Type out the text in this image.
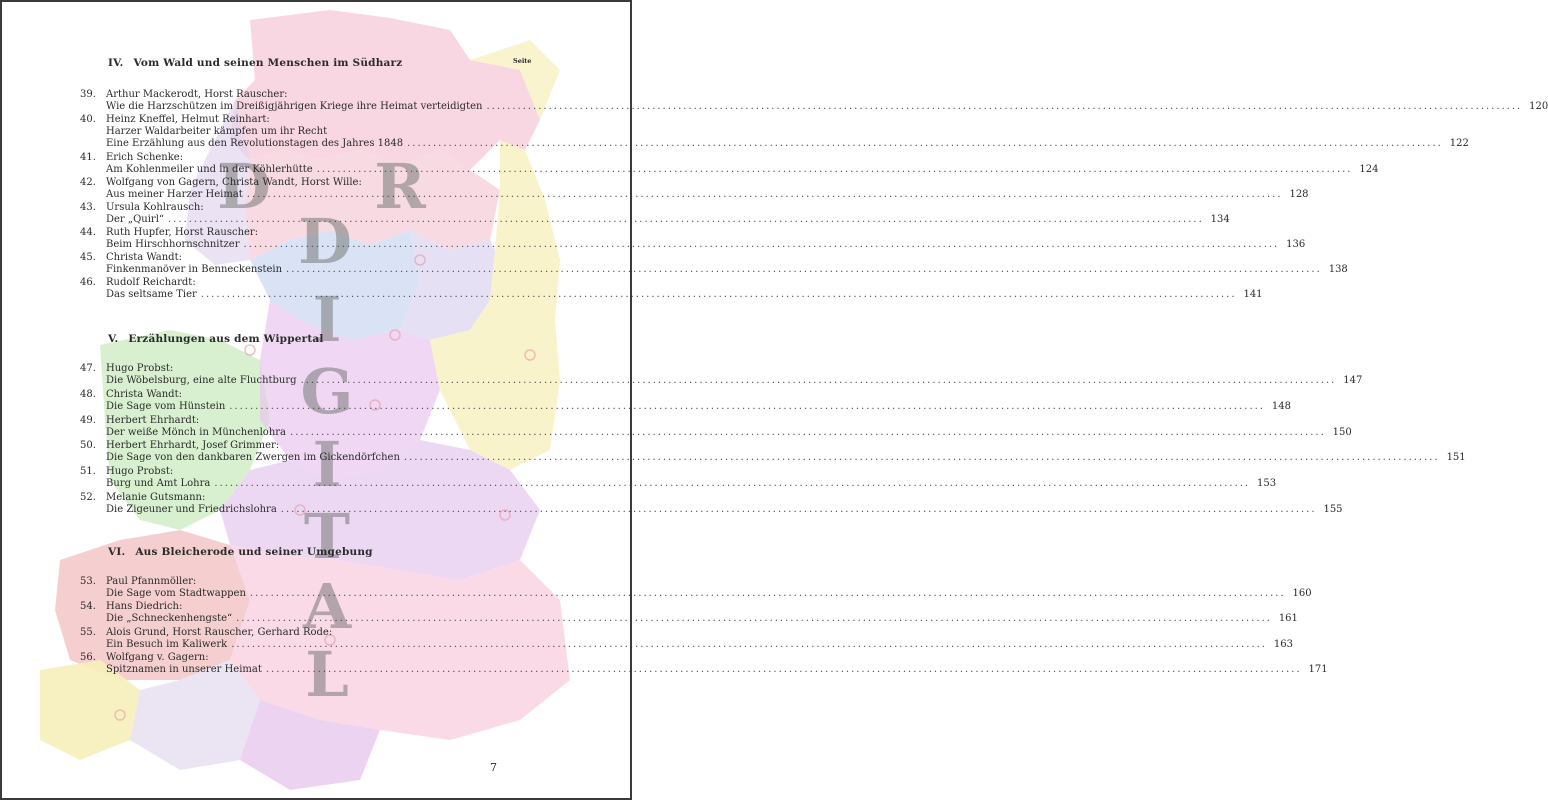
D R
D
I
G
I
T
A
L
Seite
IV. Vom Wald und seinen Menschen im Südharz
39.	Arthur Mackerodt, Horst Rauscher:
Wie die Harzschützen im Dreißigjährigen Kriege ihre Heimat verteidigten ........................................................................................................................................................................................................ 120
40.	Heinz Kneffel, Helmut Reinhart:
Harzer Waldarbeiter kämpfen um ihr Recht
Eine Erzählung aus den Revolutionstagen des Jahres 1848 ........................................................................................................................................................................................................ 122
41.	Erich Schenke:
Am Kohlenmeiler und in der Köhlerhütte ........................................................................................................................................................................................................ 124
42.	Wolfgang von Gagern, Christa Wandt, Horst Wille:
Aus meiner Harzer Heimat ........................................................................................................................................................................................................ 128
43.	Ursula Kohlrausch:
Der „Quirl“ ........................................................................................................................................................................................................ 134
44.	Ruth Hupfer, Horst Rauscher:
Beim Hirschhornschnitzer ........................................................................................................................................................................................................ 136
45.	Christa Wandt:
Finkenmanöver in Benneckenstein ........................................................................................................................................................................................................ 138
46.	Rudolf Reichardt:
Das seltsame Tier ........................................................................................................................................................................................................ 141
V. Erzählungen aus dem Wippertal
47.	Hugo Probst:
Die Wöbelsburg, eine alte Fluchtburg ........................................................................................................................................................................................................ 147
48.	Christa Wandt:
Die Sage vom Hünstein ........................................................................................................................................................................................................ 148
49.	Herbert Ehrhardt:
Der weiße Mönch in Münchenlohra ........................................................................................................................................................................................................ 150
50.	Herbert Ehrhardt, Josef Grimmer:
Die Sage von den dankbaren Zwergen im Gickendörfchen ........................................................................................................................................................................................................ 151
51.	Hugo Probst:
Burg und Amt Lohra ........................................................................................................................................................................................................ 153
52.	Melanie Gutsmann:
Die Zigeuner und Friedrichslohra ........................................................................................................................................................................................................ 155
VI. Aus Bleicherode und seiner Umgebung
53.	Paul Pfannmöller:
Die Sage vom Stadtwappen ........................................................................................................................................................................................................ 160
54.	Hans Diedrich:
Die „Schneckenhengste“ ........................................................................................................................................................................................................ 161
55.	Alois Grund, Horst Rauscher, Gerhard Rode:
Ein Besuch im Kaliwerk ........................................................................................................................................................................................................ 163
56.	Wolfgang v. Gagern:
Spitznamen in unserer Heimat ........................................................................................................................................................................................................ 171
7
